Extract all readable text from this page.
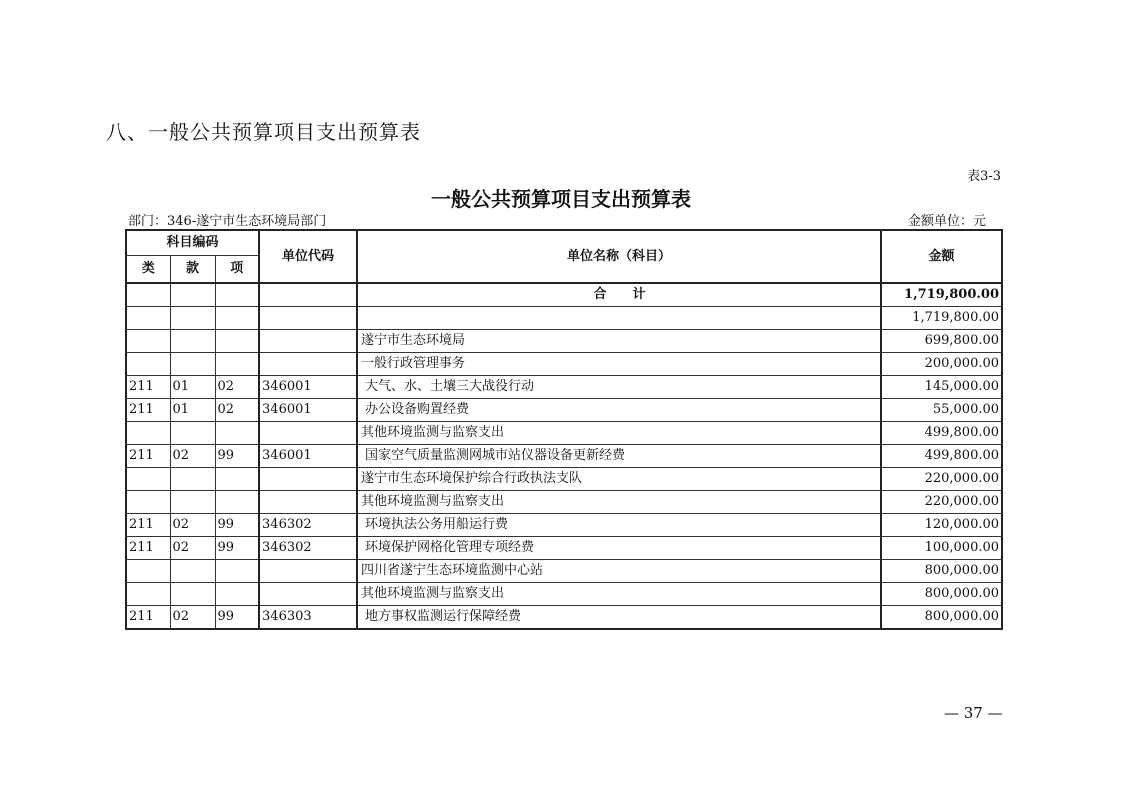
八、一般公共预算项目支出预算表
表3-3
一般公共预算项目支出预算表
部门：346-遂宁市生态环境局部门	金额单位：元
科目编码			单位代码	单位名称（科目）	金额
类	款	项			
				合　　计	1,719,800.00
					1,719,800.00
				遂宁市生态环境局	699,800.00
				一般行政管理事务	200,000.00
211	01	02	346001	大气、水、土壤三大战役行动	145,000.00
211	01	02	346001	办公设备购置经费	55,000.00
				其他环境监测与监察支出	499,800.00
211	02	99	346001	国家空气质量监测网城市站仪器设备更新经费	499,800.00
				遂宁市生态环境保护综合行政执法支队	220,000.00
				其他环境监测与监察支出	220,000.00
211	02	99	346302	环境执法公务用船运行费	120,000.00
211	02	99	346302	环境保护网格化管理专项经费	100,000.00
				四川省遂宁生态环境监测中心站	800,000.00
				其他环境监测与监察支出	800,000.00
211	02	99	346303	地方事权监测运行保障经费	800,000.00
— 37 —
